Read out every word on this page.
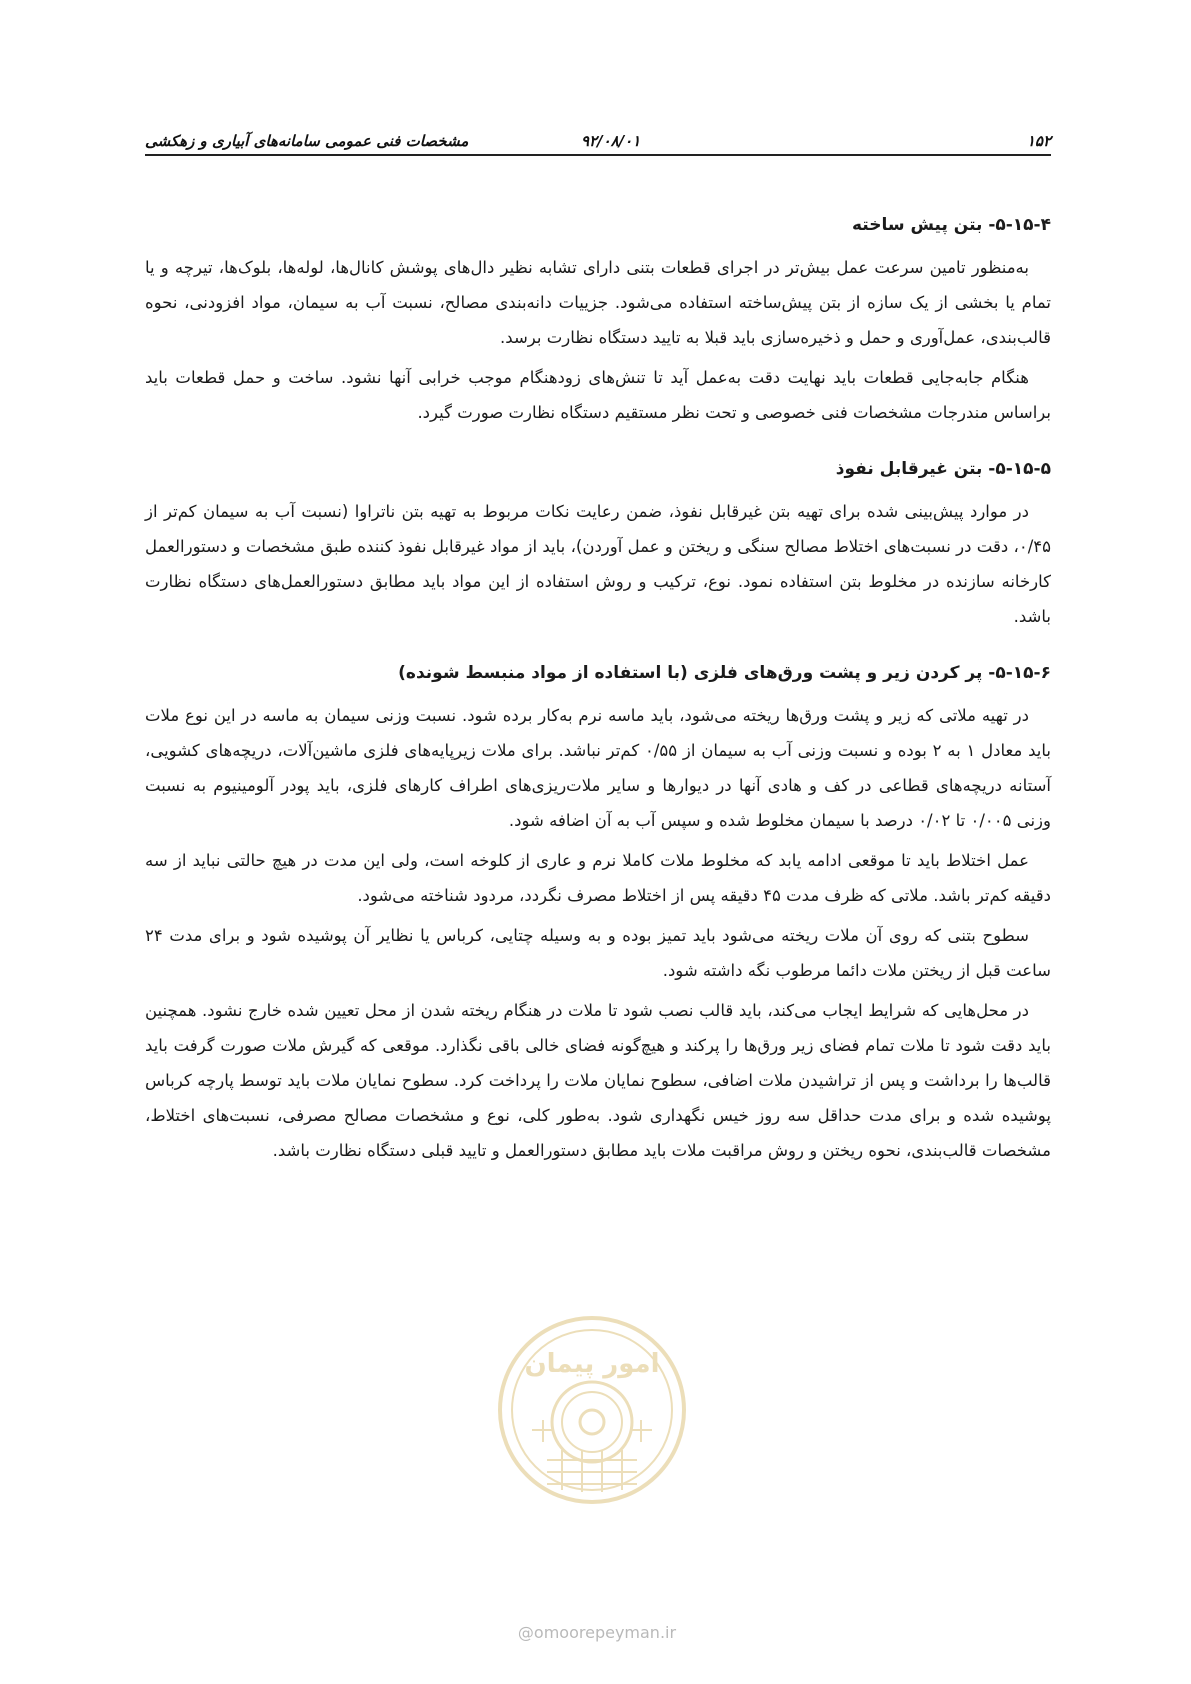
مشخصات فنی عمومی سامانه‌های آبیاری و زهکشی	۹۲/۰۸/۰۱	۱۵۲
۵-۱۵-۴- بتن پیش ساخته

به‌منظور تامین سرعت عمل بیش‌تر در اجرای قطعات بتنی دارای تشابه نظیر دال‌های پوشش کانال‌ها، لوله‌ها، بلوک‌ها، تیرچه و یا تمام یا بخشی از یک سازه از بتن پیش‌ساخته استفاده می‌شود. جزییات دانه‌بندی مصالح، نسبت آب به سیمان، مواد افزودنی، نحوه قالب‌بندی، عمل‌آوری و حمل و ذخیره‌سازی باید قبلا به تایید دستگاه نظارت برسد.

هنگام جابه‌جایی قطعات باید نهایت دقت به‌عمل آید تا تنش‌های زودهنگام موجب خرابی آنها نشود. ساخت و حمل قطعات باید براساس مندرجات مشخصات فنی خصوصی و تحت نظر مستقیم دستگاه نظارت صورت گیرد.

۵-۱۵-۵- بتن غیرقابل نفوذ

در موارد پیش‌بینی شده برای تهیه بتن غیرقابل نفوذ، ضمن رعایت نکات مربوط به تهیه بتن ناتراوا (نسبت آب به سیمان کم‌تر از ۰/۴۵، دقت در نسبت‌های اختلاط مصالح سنگی و ریختن و عمل آوردن)، باید از مواد غیرقابل نفوذ کننده طبق مشخصات و دستورالعمل کارخانه سازنده در مخلوط بتن استفاده نمود. نوع، ترکیب و روش استفاده از این مواد باید مطابق دستورالعمل‌های دستگاه نظارت باشد.

۵-۱۵-۶- پر کردن زیر و پشت ورق‌های فلزی (با استفاده از مواد منبسط شونده)

در تهیه ملاتی که زیر و پشت ورق‌ها ریخته می‌شود، باید ماسه نرم به‌کار برده شود. نسبت وزنی سیمان به ماسه در این نوع ملات باید معادل ۱ به ۲ بوده و نسبت وزنی آب به سیمان از ۰/۵۵ کم‌تر نباشد. برای ملات زیرپایه‌های فلزی ماشین‌آلات، دریچه‌های کشویی، آستانه دریچه‌های قطاعی در کف و هادی آنها در دیوارها و سایر ملات‌ریزی‌های اطراف کارهای فلزی، باید پودر آلومینیوم به نسبت وزنی ۰/۰۰۵ تا ۰/۰۲ درصد با سیمان مخلوط شده و سپس آب به آن اضافه شود.

عمل اختلاط باید تا موقعی ادامه یابد که مخلوط ملات کاملا نرم و عاری از کلوخه است، ولی این مدت در هیچ حالتی نباید از سه دقیقه کم‌تر باشد. ملاتی که ظرف مدت ۴۵ دقیقه پس از اختلاط مصرف نگردد، مردود شناخته می‌شود.

سطوح بتنی که روی آن ملات ریخته می‌شود باید تمیز بوده و به وسیله چتایی، کرباس یا نظایر آن پوشیده شود و برای مدت ۲۴ ساعت قبل از ریختن ملات دائما مرطوب نگه داشته شود.

در محل‌هایی که شرایط ایجاب می‌کند، باید قالب نصب شود تا ملات در هنگام ریخته شدن از محل تعیین شده خارج نشود. همچنین باید دقت شود تا ملات تمام فضای زیر ورق‌ها را پرکند و هیچ‌گونه فضای خالی باقی نگذارد. موقعی که گیرش ملات صورت گرفت باید قالب‌ها را برداشت و پس از تراشیدن ملات اضافی، سطوح نمایان ملات را پرداخت کرد. سطوح نمایان ملات باید توسط پارچه کرباس پوشیده شده و برای مدت حداقل سه روز خیس نگهداری شود. به‌طور کلی، نوع و مشخصات مصالح مصرفی، نسبت‌های اختلاط، مشخصات قالب‌بندی، نحوه ریختن و روش مراقبت ملات باید مطابق دستورالعمل و تایید قبلی دستگاه نظارت باشد.

امور پیمان
@omoorepeyman.ir
